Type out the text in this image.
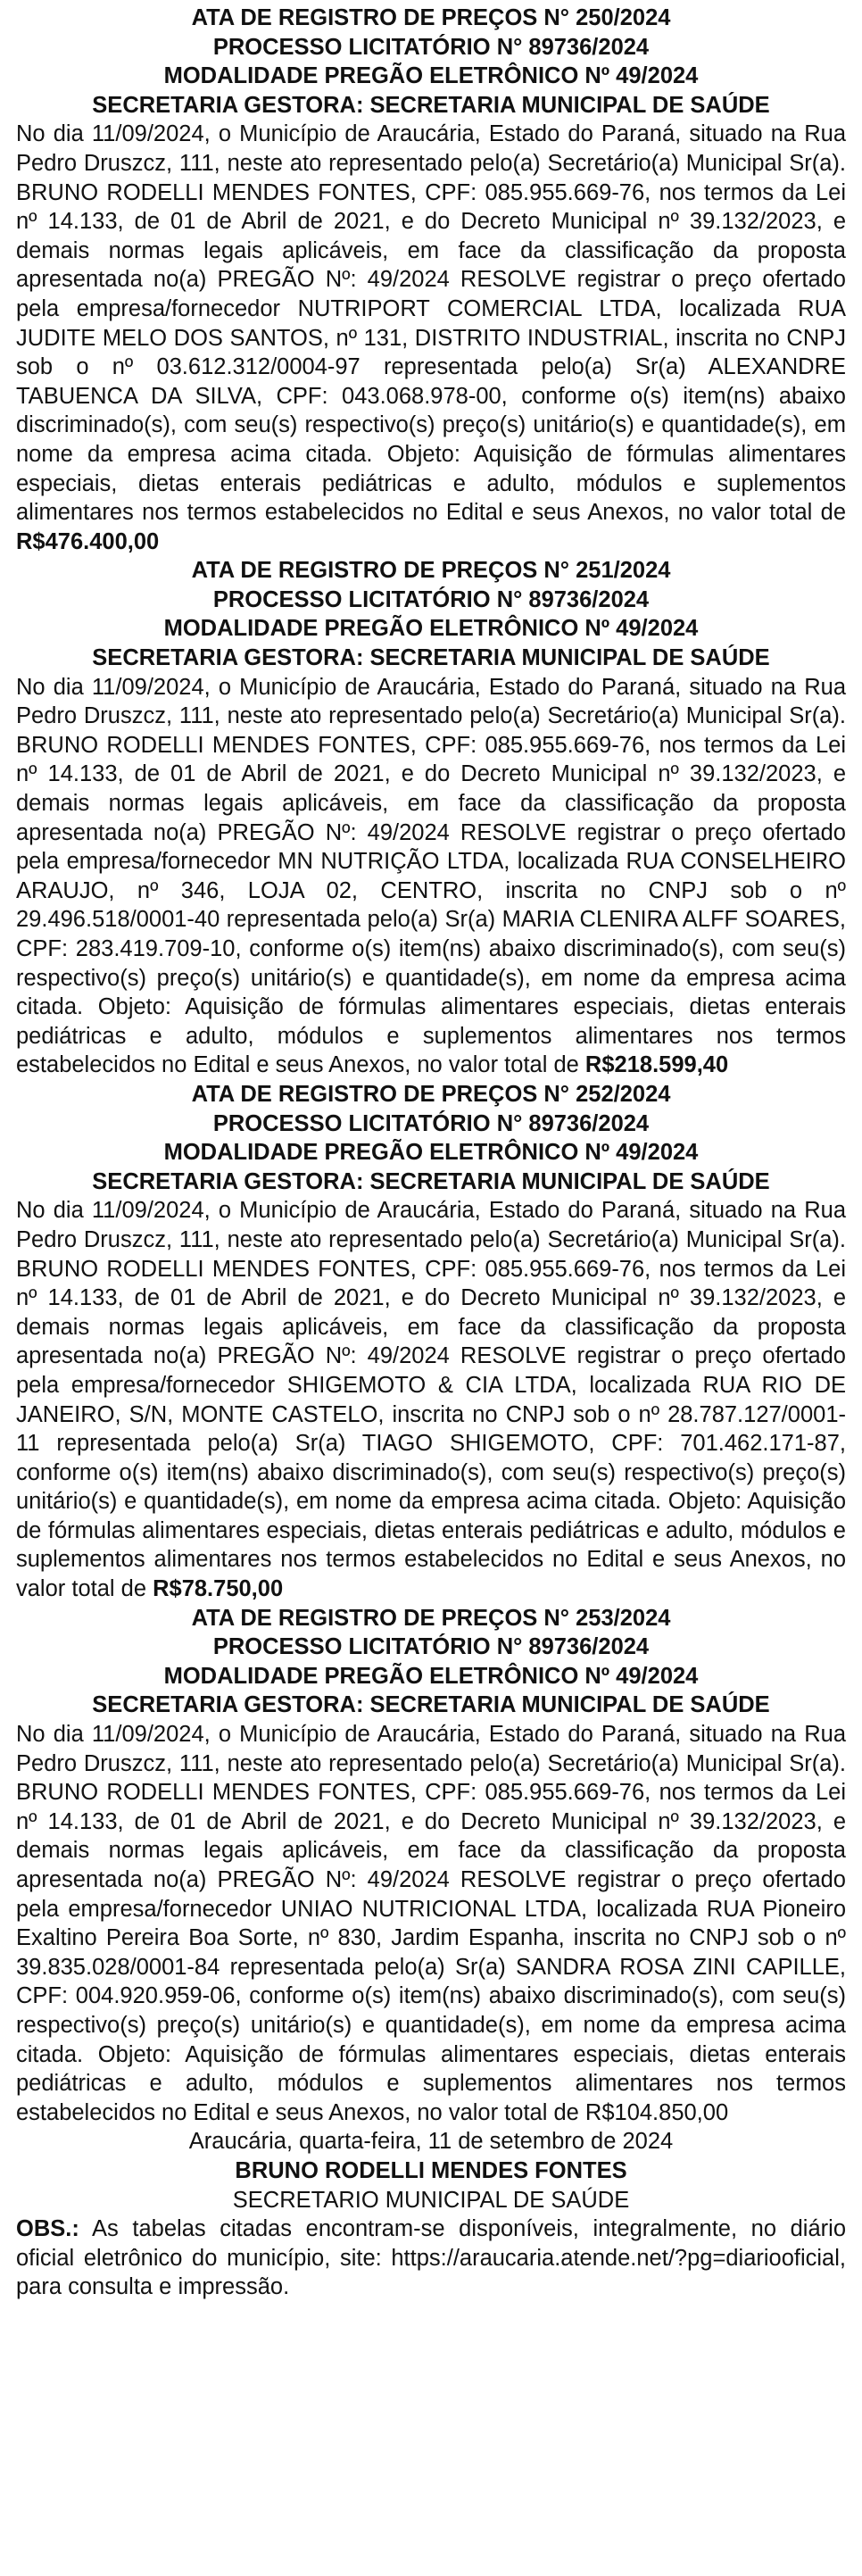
ATA DE REGISTRO DE PREÇOS N° 250/2024

PROCESSO LICITATÓRIO N° 89736/2024

MODALIDADE PREGÃO ELETRÔNICO Nº 49/2024

SECRETARIA GESTORA: SECRETARIA MUNICIPAL DE SAÚDE

No dia 11/09/2024, o Município de Araucária, Estado do Paraná, situado na Rua Pedro Druszcz, 111, neste ato representado pelo(a) Secretário(a) Municipal Sr(a). BRUNO RODELLI MENDES FONTES, CPF: 085.955.669-76, nos termos da Lei nº 14.133, de 01 de Abril de 2021, e do Decreto Municipal nº 39.132/2023, e demais normas legais aplicáveis, em face da classificação da proposta apresentada no(a) PREGÃO Nº: 49/2024 RESOLVE registrar o preço ofertado pela empresa/fornecedor NUTRIPORT COMERCIAL LTDA, localizada RUA JUDITE MELO DOS SANTOS, nº 131, DISTRITO INDUSTRIAL, inscrita no CNPJ sob o nº 03.612.312/0004-97 representada pelo(a) Sr(a) ALEXANDRE TABUENCA DA SILVA, CPF: 043.068.978-00, conforme o(s) item(ns) abaixo discriminado(s), com seu(s) respectivo(s) preço(s) unitário(s) e quantidade(s), em nome da empresa acima citada. Objeto: Aquisição de fórmulas alimentares especiais, dietas enterais pediátricas e adulto, módulos e suplementos alimentares nos termos estabelecidos no Edital e seus Anexos, no valor total de R$476.400,00

ATA DE REGISTRO DE PREÇOS N° 251/2024

PROCESSO LICITATÓRIO N° 89736/2024

MODALIDADE PREGÃO ELETRÔNICO Nº 49/2024

SECRETARIA GESTORA: SECRETARIA MUNICIPAL DE SAÚDE

No dia 11/09/2024, o Município de Araucária, Estado do Paraná, situado na Rua Pedro Druszcz, 111, neste ato representado pelo(a) Secretário(a) Municipal Sr(a). BRUNO RODELLI MENDES FONTES, CPF: 085.955.669-76, nos termos da Lei nº 14.133, de 01 de Abril de 2021, e do Decreto Municipal nº 39.132/2023, e demais normas legais aplicáveis, em face da classificação da proposta apresentada no(a) PREGÃO Nº: 49/2024 RESOLVE registrar o preço ofertado pela empresa/fornecedor MN NUTRIÇÃO LTDA, localizada RUA CONSELHEIRO ARAUJO, nº 346, LOJA 02, CENTRO, inscrita no CNPJ sob o nº 29.496.518/0001-40 representada pelo(a) Sr(a) MARIA CLENIRA ALFF SOARES, CPF: 283.419.709-10, conforme o(s) item(ns) abaixo discriminado(s), com seu(s) respectivo(s) preço(s) unitário(s) e quantidade(s), em nome da empresa acima citada. Objeto: Aquisição de fórmulas alimentares especiais, dietas enterais pediátricas e adulto, módulos e suplementos alimentares nos termos estabelecidos no Edital e seus Anexos, no valor total de R$218.599,40

ATA DE REGISTRO DE PREÇOS N° 252/2024

PROCESSO LICITATÓRIO N° 89736/2024

MODALIDADE PREGÃO ELETRÔNICO Nº 49/2024

SECRETARIA GESTORA: SECRETARIA MUNICIPAL DE SAÚDE

No dia 11/09/2024, o Município de Araucária, Estado do Paraná, situado na Rua Pedro Druszcz, 111, neste ato representado pelo(a) Secretário(a) Municipal Sr(a). BRUNO RODELLI MENDES FONTES, CPF: 085.955.669-76, nos termos da Lei nº 14.133, de 01 de Abril de 2021, e do Decreto Municipal nº 39.132/2023, e demais normas legais aplicáveis, em face da classificação da proposta apresentada no(a) PREGÃO Nº: 49/2024 RESOLVE registrar o preço ofertado pela empresa/fornecedor SHIGEMOTO & CIA LTDA, localizada RUA RIO DE JANEIRO, S/N, MONTE CASTELO, inscrita no CNPJ sob o nº 28.787.127/0001-11 representada pelo(a) Sr(a) TIAGO SHIGEMOTO, CPF: 701.462.171-87, conforme o(s) item(ns) abaixo discriminado(s), com seu(s) respectivo(s) preço(s) unitário(s) e quantidade(s), em nome da empresa acima citada. Objeto: Aquisição de fórmulas alimentares especiais, dietas enterais pediátricas e adulto, módulos e suplementos alimentares nos termos estabelecidos no Edital e seus Anexos, no valor total de R$78.750,00

ATA DE REGISTRO DE PREÇOS N° 253/2024

PROCESSO LICITATÓRIO N° 89736/2024

MODALIDADE PREGÃO ELETRÔNICO Nº 49/2024

SECRETARIA GESTORA: SECRETARIA MUNICIPAL DE SAÚDE

No dia 11/09/2024, o Município de Araucária, Estado do Paraná, situado na Rua Pedro Druszcz, 111, neste ato representado pelo(a) Secretário(a) Municipal Sr(a). BRUNO RODELLI MENDES FONTES, CPF: 085.955.669-76, nos termos da Lei nº 14.133, de 01 de Abril de 2021, e do Decreto Municipal nº 39.132/2023, e demais normas legais aplicáveis, em face da classificação da proposta apresentada no(a) PREGÃO Nº: 49/2024 RESOLVE registrar o preço ofertado pela empresa/fornecedor UNIAO NUTRICIONAL LTDA, localizada RUA Pioneiro Exaltino Pereira Boa Sorte, nº 830, Jardim Espanha, inscrita no CNPJ sob o nº 39.835.028/0001-84 representada pelo(a) Sr(a) SANDRA ROSA ZINI CAPILLE, CPF: 004.920.959-06, conforme o(s) item(ns) abaixo discriminado(s), com seu(s) respectivo(s) preço(s) unitário(s) e quantidade(s), em nome da empresa acima citada. Objeto: Aquisição de fórmulas alimentares especiais, dietas enterais pediátricas e adulto, módulos e suplementos alimentares nos termos estabelecidos no Edital e seus Anexos, no valor total de R$104.850,00

Araucária, quarta-feira, 11 de setembro de 2024

BRUNO RODELLI MENDES FONTES

SECRETARIO MUNICIPAL DE SAÚDE

OBS.: As tabelas citadas encontram-se disponíveis, integralmente, no diário oficial eletrônico do município, site: https://araucaria.atende.net/?pg=diariooficial, para consulta e impressão.
